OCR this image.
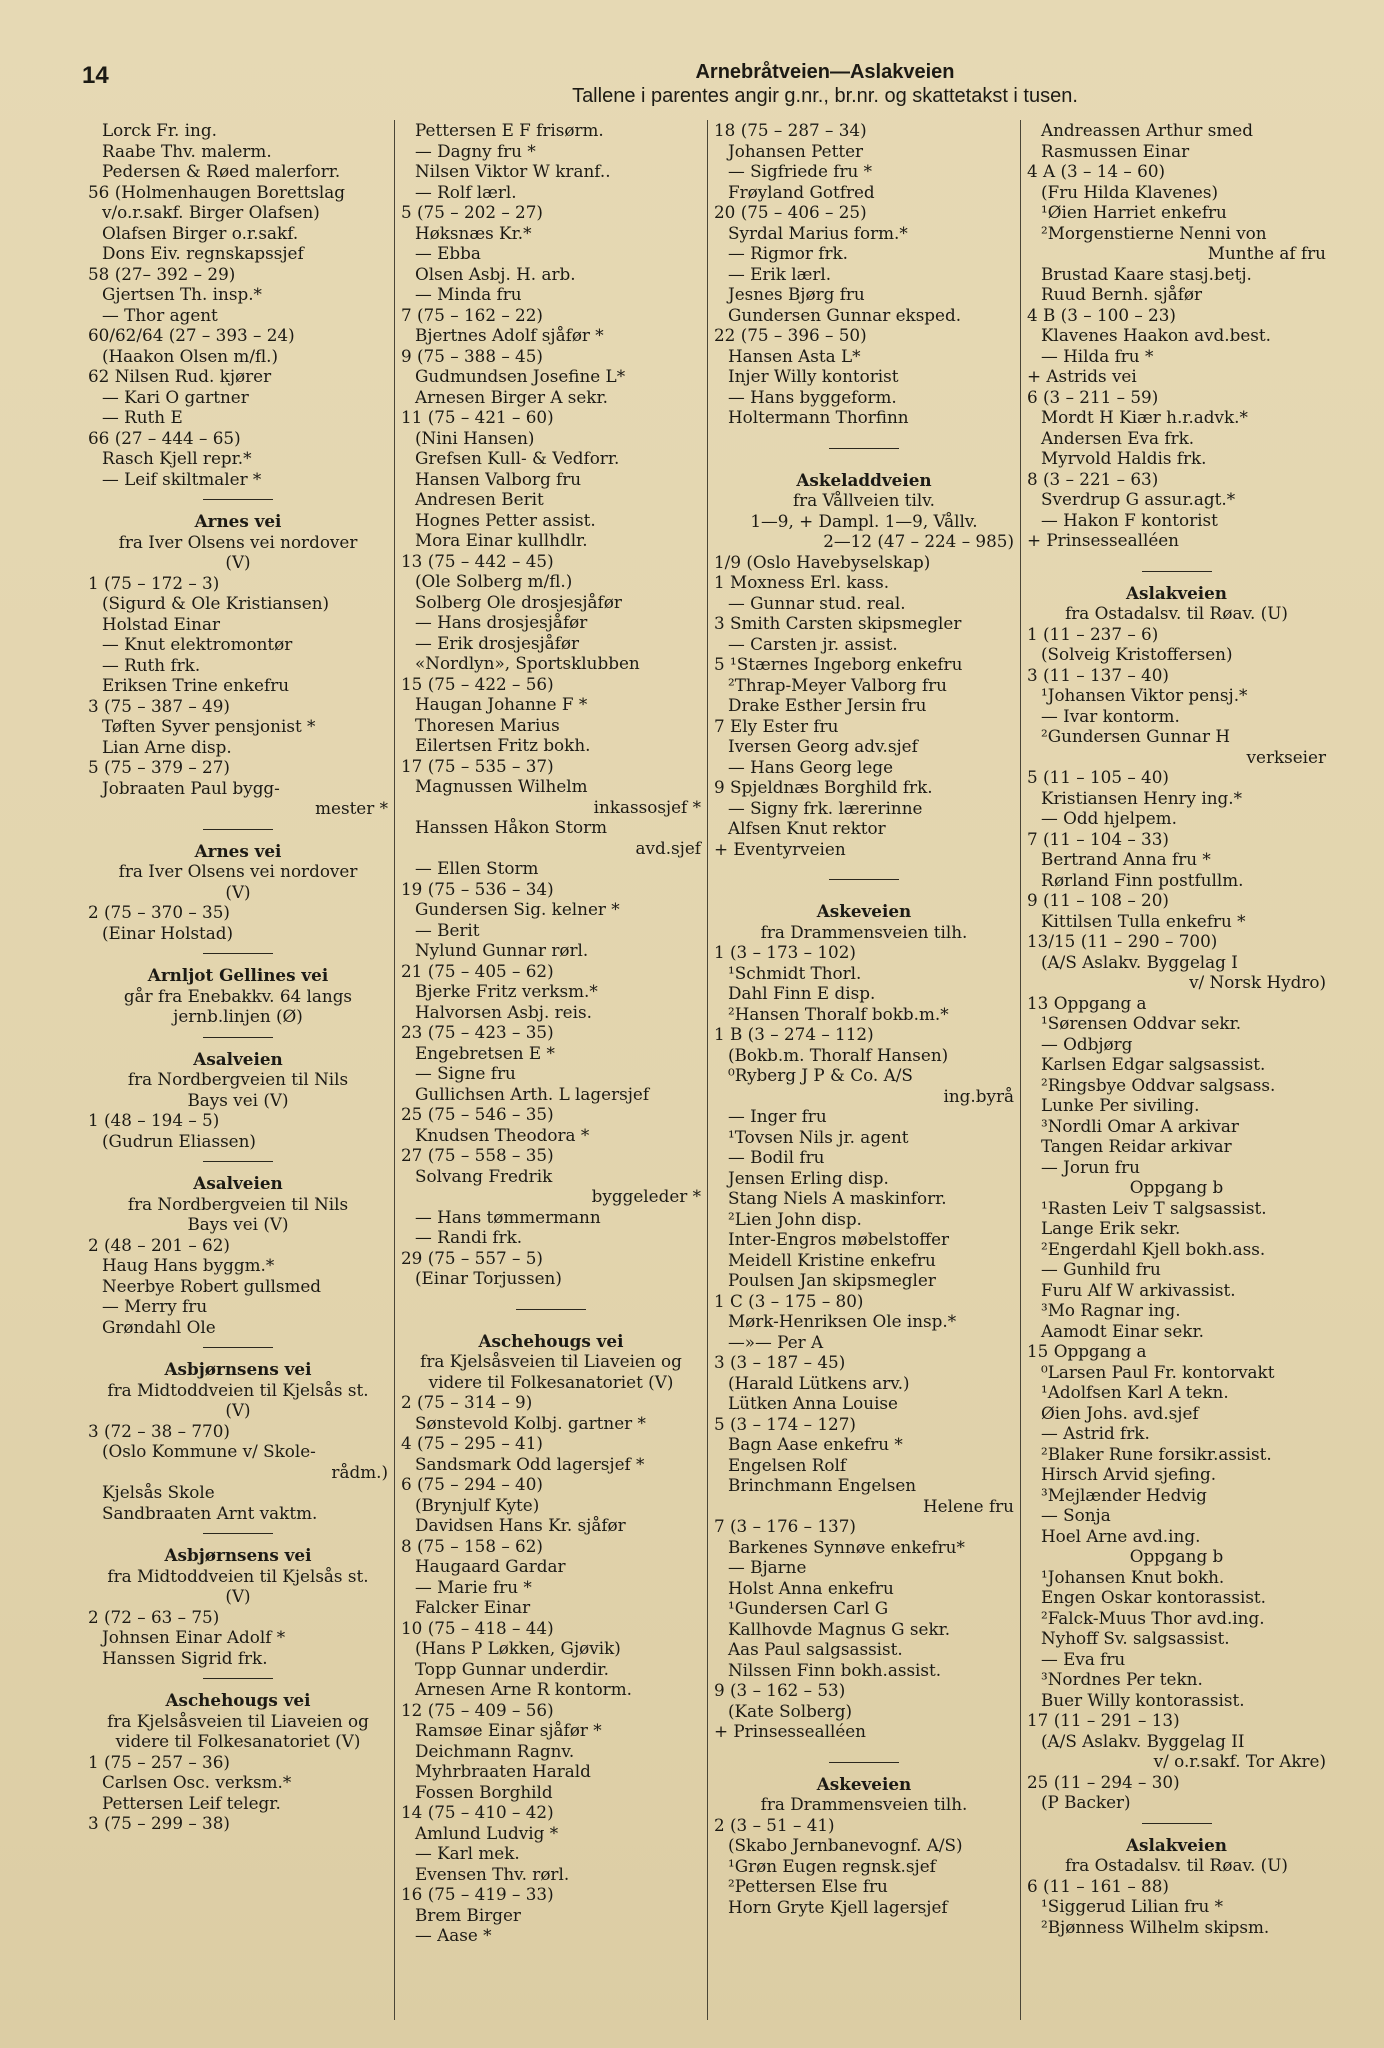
14	Arnebråtveien—Aslakveien
Tallene i parentes angir g.nr., br.nr. og skattetakst i tusen.
Lorck Fr. ing.
Raabe Thv. malerm.
Pedersen & Røed malerforr.
56 (Holmenhaugen Borettslag
v/o.r.sakf. Birger Olafsen)
Olafsen Birger o.r.sakf.
Dons Eiv. regnskapssjef
58 (27– 392 – 29)
Gjertsen Th. insp.*
— Thor agent
60/62/64 (27 – 393 – 24)
(Haakon Olsen m/fl.)
62 Nilsen Rud. kjører
— Kari O gartner
— Ruth E
66 (27 – 444 – 65)
Rasch Kjell repr.*
— Leif skiltmaler *
Arnes vei
fra Iver Olsens vei nordover
(V)
1 (75 – 172 – 3)
(Sigurd & Ole Kristiansen)
Holstad Einar
— Knut elektromontør
— Ruth frk.
Eriksen Trine enkefru
3 (75 – 387 – 49)
Tøften Syver pensjonist *
Lian Arne disp.
5 (75 – 379 – 27)
Jobraaten Paul bygg-
mester *
Arnes vei
fra Iver Olsens vei nordover
(V)
2 (75 – 370 – 35)
(Einar Holstad)
Arnljot Gellines vei
går fra Enebakkv. 64 langs
jernb.linjen (Ø)
Asalveien
fra Nordbergveien til Nils
Bays vei (V)
1 (48 – 194 – 5)
(Gudrun Eliassen)
Asalveien
fra Nordbergveien til Nils
Bays vei (V)
2 (48 – 201 – 62)
Haug Hans byggm.*
Neerbye Robert gullsmed
— Merry fru
Grøndahl Ole
Asbjørnsens vei
fra Midtoddveien til Kjelsås st.
(V)
3 (72 – 38 – 770)
(Oslo Kommune v/ Skole-
rådm.)
Kjelsås Skole
Sandbraaten Arnt vaktm.
Asbjørnsens vei
fra Midtoddveien til Kjelsås st.
(V)
2 (72 – 63 – 75)
Johnsen Einar Adolf *
Hanssen Sigrid frk.
Aschehougs vei
fra Kjelsåsveien til Liaveien og
videre til Folkesanatoriet (V)
1 (75 – 257 – 36)
Carlsen Osc. verksm.*
Pettersen Leif telegr.
3 (75 – 299 – 38)
Pettersen E F frisørm.
— Dagny fru *
Nilsen Viktor W kranf..
— Rolf lærl.
5 (75 – 202 – 27)
Høksnæs Kr.*
— Ebba
Olsen Asbj. H. arb.
— Minda fru
7 (75 – 162 – 22)
Bjertnes Adolf sjåfør *
9 (75 – 388 – 45)
Gudmundsen Josefine L*
Arnesen Birger A sekr.
11 (75 – 421 – 60)
(Nini Hansen)
Grefsen Kull- & Vedforr.
Hansen Valborg fru
Andresen Berit
Hognes Petter assist.
Mora Einar kullhdlr.
13 (75 – 442 – 45)
(Ole Solberg m/fl.)
Solberg Ole drosjesjåfør
— Hans drosjesjåfør
— Erik drosjesjåfør
«Nordlyn», Sportsklubben
15 (75 – 422 – 56)
Haugan Johanne F *
Thoresen Marius
Eilertsen Fritz bokh.
17 (75 – 535 – 37)
Magnussen Wilhelm
inkassosjef *
Hanssen Håkon Storm
avd.sjef
— Ellen Storm
19 (75 – 536 – 34)
Gundersen Sig. kelner *
— Berit
Nylund Gunnar rørl.
21 (75 – 405 – 62)
Bjerke Fritz verksm.*
Halvorsen Asbj. reis.
23 (75 – 423 – 35)
Engebretsen E *
— Signe fru
Gullichsen Arth. L lagersjef
25 (75 – 546 – 35)
Knudsen Theodora *
27 (75 – 558 – 35)
Solvang Fredrik
byggeleder *
— Hans tømmermann
— Randi frk.
29 (75 – 557 – 5)
(Einar Torjussen)
Aschehougs vei
fra Kjelsåsveien til Liaveien og
videre til Folkesanatoriet (V)
2 (75 – 314 – 9)
Sønstevold Kolbj. gartner *
4 (75 – 295 – 41)
Sandsmark Odd lagersjef *
6 (75 – 294 – 40)
(Brynjulf Kyte)
Davidsen Hans Kr. sjåfør
8 (75 – 158 – 62)
Haugaard Gardar
— Marie fru *
Falcker Einar
10 (75 – 418 – 44)
(Hans P Løkken, Gjøvik)
Topp Gunnar underdir.
Arnesen Arne R kontorm.
12 (75 – 409 – 56)
Ramsøe Einar sjåfør *
Deichmann Ragnv.
Myhrbraaten Harald
Fossen Borghild
14 (75 – 410 – 42)
Amlund Ludvig *
— Karl mek.
Evensen Thv. rørl.
16 (75 – 419 – 33)
Brem Birger
— Aase *
18 (75 – 287 – 34)
Johansen Petter
— Sigfriede fru *
Frøyland Gotfred
20 (75 – 406 – 25)
Syrdal Marius form.*
— Rigmor frk.
— Erik lærl.
Jesnes Bjørg fru
Gundersen Gunnar eksped.
22 (75 – 396 – 50)
Hansen Asta L*
Injer Willy kontorist
— Hans byggeform.
Holtermann Thorfinn
Askeladdveien
fra Vållveien tilv.
1—9, + Dampl. 1—9, Vållv.
2—12 (47 – 224 – 985)
1/9 (Oslo Havebyselskap)
1 Moxness Erl. kass.
— Gunnar stud. real.
3 Smith Carsten skipsmegler
— Carsten jr. assist.
5 ¹Stærnes Ingeborg enkefru
²Thrap-Meyer Valborg fru
Drake Esther Jersin fru
7 Ely Ester fru
Iversen Georg adv.sjef
— Hans Georg lege
9 Spjeldnæs Borghild frk.
— Signy frk. lærerinne
Alfsen Knut rektor
+ Eventyrveien
Askeveien
fra Drammensveien tilh.
1 (3 – 173 – 102)
¹Schmidt Thorl.
Dahl Finn E disp.
²Hansen Thoralf bokb.m.*
1 B (3 – 274 – 112)
(Bokb.m. Thoralf Hansen)
⁰Ryberg J P & Co. A/S
ing.byrå
— Inger fru
¹Tovsen Nils jr. agent
— Bodil fru
Jensen Erling disp.
Stang Niels A maskinforr.
²Lien John disp.
Inter-Engros møbelstoffer
Meidell Kristine enkefru
Poulsen Jan skipsmegler
1 C (3 – 175 – 80)
Mørk-Henriksen Ole insp.*
—»— Per A
3 (3 – 187 – 45)
(Harald Lütkens arv.)
Lütken Anna Louise
5 (3 – 174 – 127)
Bagn Aase enkefru *
Engelsen Rolf
Brinchmann Engelsen
Helene fru
7 (3 – 176 – 137)
Barkenes Synnøve enkefru*
— Bjarne
Holst Anna enkefru
¹Gundersen Carl G
Kallhovde Magnus G sekr.
Aas Paul salgsassist.
Nilssen Finn bokh.assist.
9 (3 – 162 – 53)
(Kate Solberg)
+ Prinsessealléen
Askeveien
fra Drammensveien tilh.
2 (3 – 51 – 41)
(Skabo Jernbanevognf. A/S)
¹Grøn Eugen regnsk.sjef
²Pettersen Else fru
Horn Gryte Kjell lagersjef
Andreassen Arthur smed
Rasmussen Einar
4 A (3 – 14 – 60)
(Fru Hilda Klavenes)
¹Øien Harriet enkefru
²Morgenstierne Nenni von
Munthe af fru
Brustad Kaare stasj.betj.
Ruud Bernh. sjåfør
4 B (3 – 100 – 23)
Klavenes Haakon avd.best.
— Hilda fru *
+ Astrids vei
6 (3 – 211 – 59)
Mordt H Kiær h.r.advk.*
Andersen Eva frk.
Myrvold Haldis frk.
8 (3 – 221 – 63)
Sverdrup G assur.agt.*
— Hakon F kontorist
+ Prinsessealléen
Aslakveien
fra Ostadalsv. til Røav. (U)
1 (11 – 237 – 6)
(Solveig Kristoffersen)
3 (11 – 137 – 40)
¹Johansen Viktor pensj.*
— Ivar kontorm.
²Gundersen Gunnar H
verkseier
5 (11 – 105 – 40)
Kristiansen Henry ing.*
— Odd hjelpem.
7 (11 – 104 – 33)
Bertrand Anna fru *
Rørland Finn postfullm.
9 (11 – 108 – 20)
Kittilsen Tulla enkefru *
13/15 (11 – 290 – 700)
(A/S Aslakv. Byggelag I
v/ Norsk Hydro)
13 Oppgang a
¹Sørensen Oddvar sekr.
— Odbjørg
Karlsen Edgar salgsassist.
²Ringsbye Oddvar salgsass.
Lunke Per siviling.
³Nordli Omar A arkivar
Tangen Reidar arkivar
— Jorun fru
Oppgang b
¹Rasten Leiv T salgsassist.
Lange Erik sekr.
²Engerdahl Kjell bokh.ass.
— Gunhild fru
Furu Alf W arkivassist.
³Mo Ragnar ing.
Aamodt Einar sekr.
15 Oppgang a
⁰Larsen Paul Fr. kontorvakt
¹Adolfsen Karl A tekn.
Øien Johs. avd.sjef
— Astrid frk.
²Blaker Rune forsikr.assist.
Hirsch Arvid sjefing.
³Mejlænder Hedvig
— Sonja
Hoel Arne avd.ing.
Oppgang b
¹Johansen Knut bokh.
Engen Oskar kontorassist.
²Falck-Muus Thor avd.ing.
Nyhoff Sv. salgsassist.
— Eva fru
³Nordnes Per tekn.
Buer Willy kontorassist.
17 (11 – 291 – 13)
(A/S Aslakv. Byggelag II
v/ o.r.sakf. Tor Akre)
25 (11 – 294 – 30)
(P Backer)
Aslakveien
fra Ostadalsv. til Røav. (U)
6 (11 – 161 – 88)
¹Siggerud Lilian fru *
²Bjønness Wilhelm skipsm.
